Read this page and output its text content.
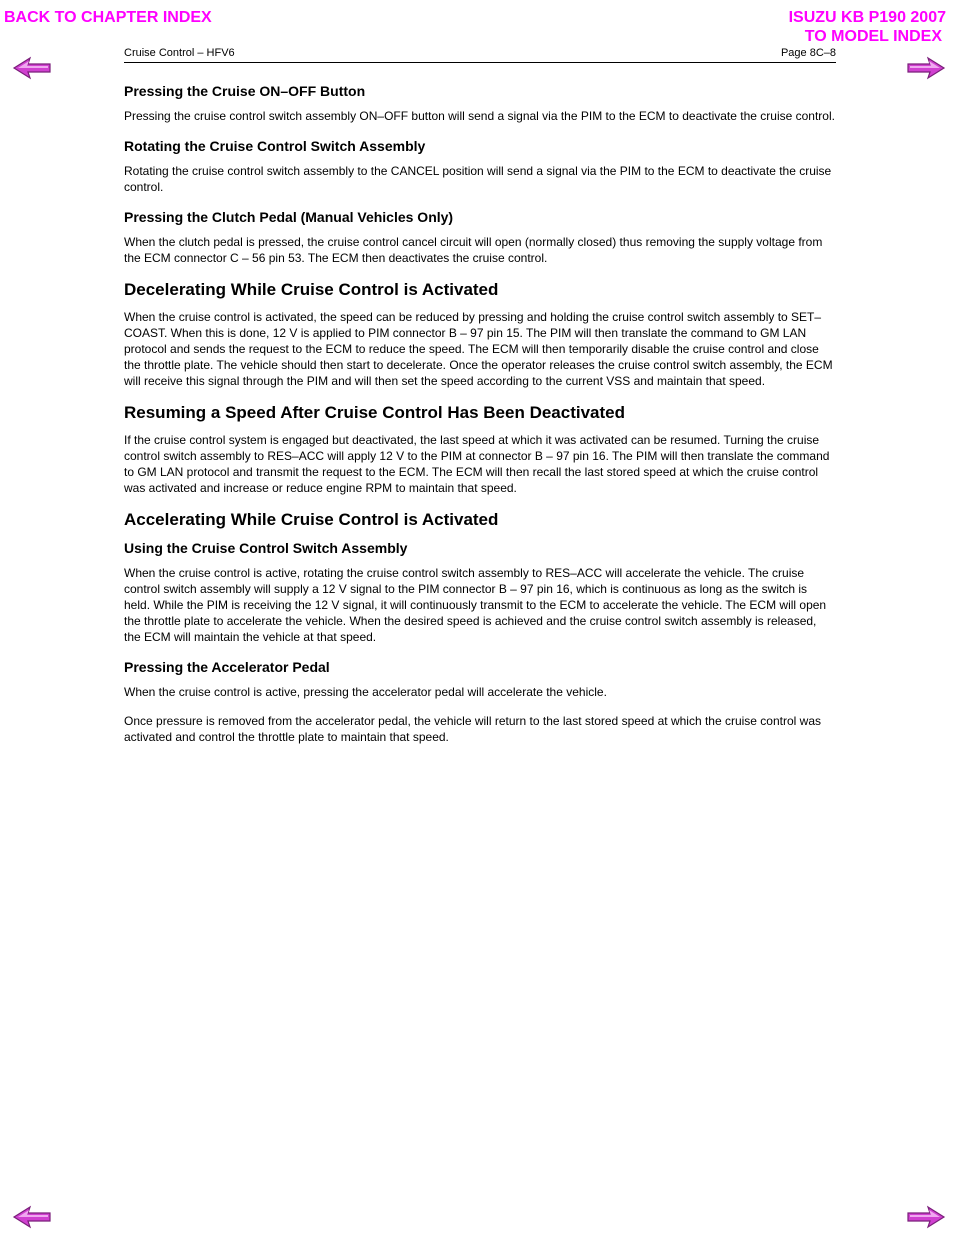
BACK TO CHAPTER INDEX	ISUZU KB P190 2007
TO MODEL INDEX
Cruise Control – HFV6	Page 8C–8
Pressing the Cruise ON–OFF Button

Pressing the cruise control switch assembly ON–OFF button will send a signal via the PIM to the ECM to deactivate the cruise control.

Rotating the Cruise Control Switch Assembly

Rotating the cruise control switch assembly to the CANCEL position will send a signal via the PIM to the ECM to deactivate the cruise control.

Pressing the Clutch Pedal (Manual Vehicles Only)

When the clutch pedal is pressed, the cruise control cancel circuit will open (normally closed) thus removing the supply voltage from the ECM connector C – 56 pin 53. The ECM then deactivates the cruise control.

Decelerating While Cruise Control is Activated

When the cruise control is activated, the speed can be reduced by pressing and holding the cruise control switch assembly to SET–COAST. When this is done, 12 V is applied to PIM connector B – 97 pin 15. The PIM will then translate the command to GM LAN protocol and sends the request to the ECM to reduce the speed. The ECM will then temporarily disable the cruise control and close the throttle plate. The vehicle should then start to decelerate. Once the operator releases the cruise control switch assembly, the ECM will receive this signal through the PIM and will then set the speed according to the current VSS and maintain that speed.

Resuming a Speed After Cruise Control Has Been Deactivated

If the cruise control system is engaged but deactivated, the last speed at which it was activated can be resumed. Turning the cruise control switch assembly to RES–ACC will apply 12 V to the PIM at connector B – 97 pin 16. The PIM will then translate the command to GM LAN protocol and transmit the request to the ECM. The ECM will then recall the last stored speed at which the cruise control was activated and increase or reduce engine RPM to maintain that speed.

Accelerating While Cruise Control is Activated
Using the Cruise Control Switch Assembly

When the cruise control is active, rotating the cruise control switch assembly to RES–ACC will accelerate the vehicle. The cruise control switch assembly will supply a 12 V signal to the PIM connector B – 97 pin 16, which is continuous as long as the switch is held. While the PIM is receiving the 12 V signal, it will continuously transmit to the ECM to accelerate the vehicle. The ECM will open the throttle plate to accelerate the vehicle. When the desired speed is achieved and the cruise control switch assembly is released, the ECM will maintain the vehicle at that speed.

Pressing the Accelerator Pedal

When the cruise control is active, pressing the accelerator pedal will accelerate the vehicle.

Once pressure is removed from the accelerator pedal, the vehicle will return to the last stored speed at which the cruise control was activated and control the throttle plate to maintain that speed.
